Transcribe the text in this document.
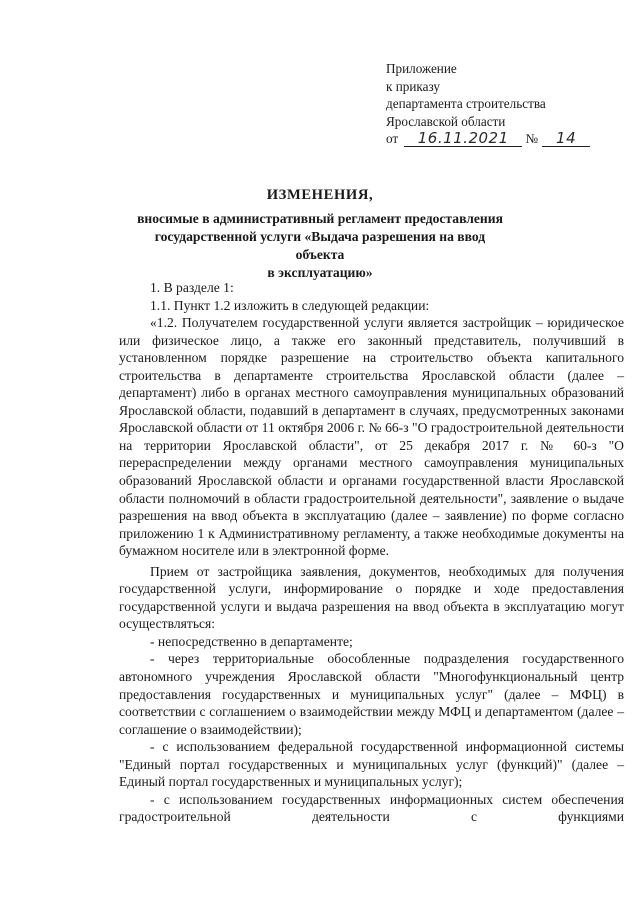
Приложение
к приказу
департамента строительства
Ярославской области
от 16.11.2021 № 14
ИЗМЕНЕНИЯ,
вносимые в административный регламент предоставления
государственной услуги «Выдача разрешения на ввод объекта
в эксплуатацию»

1. В разделе 1:

1.1. Пункт 1.2 изложить в следующей редакции:

«1.2. Получателем государственной услуги является застройщик – юридическое или физическое лицо, а также его законный представитель, получивший в установленном порядке разрешение на строительство объекта капитального строительства в департаменте строительства Ярославской области (далее – департамент) либо в органах местного самоуправления муниципальных образований Ярославской области, подавший в департамент в случаях, предусмотренных законами Ярославской области от 11 октября 2006 г. № 66-з "О градостроительной деятельности на территории Ярославской области", от 25 декабря 2017 г. № 60-з "О перераспределении между органами местного самоуправления муниципальных образований Ярославской области и органами государственной власти Ярославской области полномочий в области градостроительной деятельности", заявление о выдаче разрешения на ввод объекта в эксплуатацию (далее – заявление) по форме согласно приложению 1 к Административному регламенту, а также необходимые документы на бумажном носителе или в электронной форме.

Прием от застройщика заявления, документов, необходимых для получения государственной услуги, информирование о порядке и ходе предоставления государственной услуги и выдача разрешения на ввод объекта в эксплуатацию могут осуществляться:

- непосредственно в департаменте;

- через территориальные обособленные подразделения государственного автономного учреждения Ярославской области "Многофункциональный центр предоставления государственных и муниципальных услуг" (далее – МФЦ) в соответствии с соглашением о взаимодействии между МФЦ и департаментом (далее – соглашение о взаимодействии);

- с использованием федеральной государственной информационной системы "Единый портал государственных и муниципальных услуг (функций)" (далее – Единый портал государственных и муниципальных услуг);

- с использованием государственных информационных систем обеспечения градостроительной деятельности с функциями
